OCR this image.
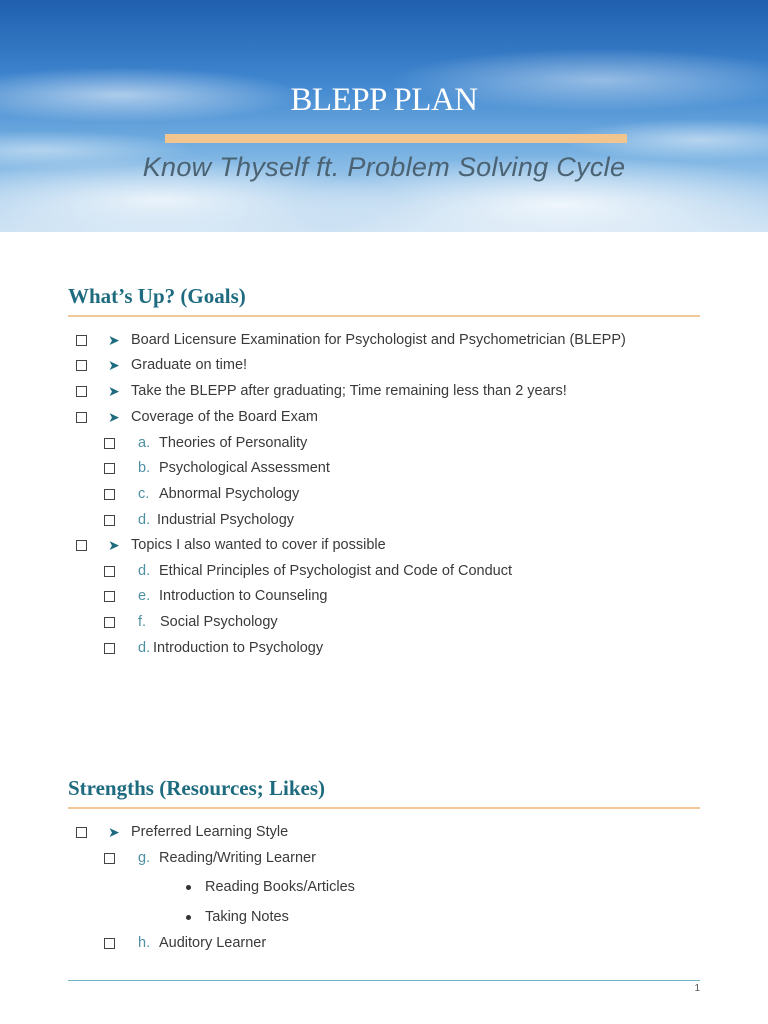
BLEPP PLAN
Know Thyself ft. Problem Solving Cycle
What’s Up? (Goals)
➤ Board Licensure Examination for Psychologist and Psychometrician (BLEPP)
➤ Graduate on time!
➤ Take the BLEPP after graduating; Time remaining less than 2 years!
➤ Coverage of the Board Exam
a. Theories of Personality
b. Psychological Assessment
c. Abnormal Psychology
d. Industrial Psychology
➤ Topics I also wanted to cover if possible
d. Ethical Principles of Psychologist and Code of Conduct
e. Introduction to Counseling
f. Social Psychology
d. Introduction to Psychology
Strengths (Resources; Likes)
➤ Preferred Learning Style
g. Reading/Writing Learner
Reading Books/Articles
Taking Notes
h. Auditory Learner
1
